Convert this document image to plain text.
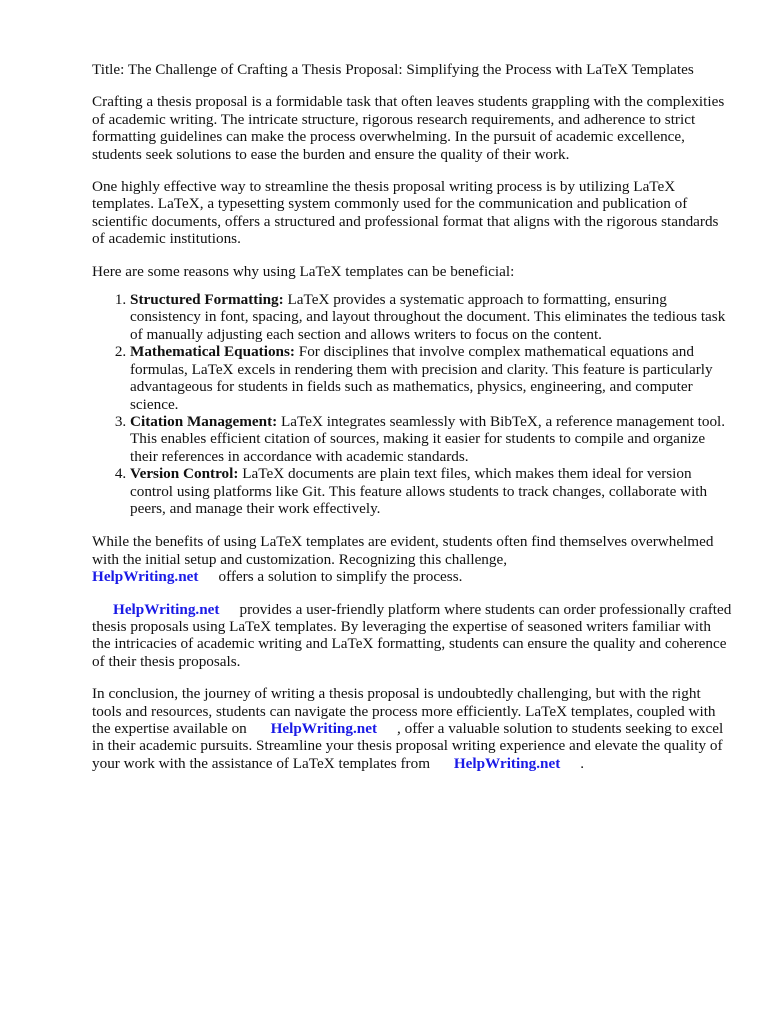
Title: The Challenge of Crafting a Thesis Proposal: Simplifying the Process with LaTeX Templates

Crafting a thesis proposal is a formidable task that often leaves students grappling with the complexities of academic writing. The intricate structure, rigorous research requirements, and adherence to strict formatting guidelines can make the process overwhelming. In the pursuit of academic excellence, students seek solutions to ease the burden and ensure the quality of their work.

One highly effective way to streamline the thesis proposal writing process is by utilizing LaTeX templates. LaTeX, a typesetting system commonly used for the communication and publication of scientific documents, offers a structured and professional format that aligns with the rigorous standards of academic institutions.

Here are some reasons why using LaTeX templates can be beneficial:

1. Structured Formatting: LaTeX provides a systematic approach to formatting, ensuring consistency in font, spacing, and layout throughout the document. This eliminates the tedious task of manually adjusting each section and allows writers to focus on the content.
2. Mathematical Equations: For disciplines that involve complex mathematical equations and formulas, LaTeX excels in rendering them with precision and clarity. This feature is particularly advantageous for students in fields such as mathematics, physics, engineering, and computer science.
3. Citation Management: LaTeX integrates seamlessly with BibTeX, a reference management tool. This enables efficient citation of sources, making it easier for students to compile and organize their references in accordance with academic standards.
4. Version Control: LaTeX documents are plain text files, which makes them ideal for version control using platforms like Git. This feature allows students to track changes, collaborate with peers, and manage their work effectively.

While the benefits of using LaTeX templates are evident, students often find themselves overwhelmed with the initial setup and customization. Recognizing this challenge,
HelpWriting.net offers a solution to simplify the process.

HelpWriting.net provides a user-friendly platform where students can order professionally crafted thesis proposals using LaTeX templates. By leveraging the expertise of seasoned writers familiar with the intricacies of academic writing and LaTeX formatting, students can ensure the quality and coherence of their thesis proposals.

In conclusion, the journey of writing a thesis proposal is undoubtedly challenging, but with the right tools and resources, students can navigate the process more efficiently. LaTeX templates, coupled with the expertise available on HelpWriting.net , offer a valuable solution to students seeking to excel in their academic pursuits. Streamline your thesis proposal writing experience and elevate the quality of your work with the assistance of LaTeX templates from HelpWriting.net .
